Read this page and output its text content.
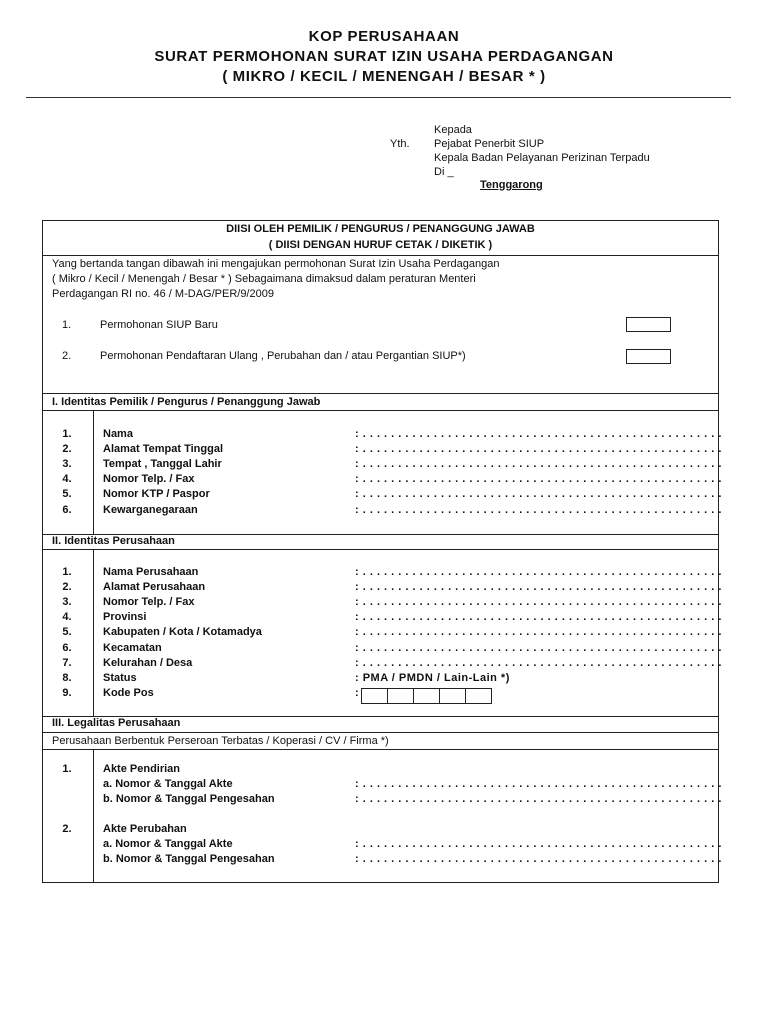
KOP PERUSAHAAN
SURAT PERMOHONAN SURAT IZIN USAHA PERDAGANGAN
( MIKRO / KECIL / MENENGAH / BESAR * )
Kepada
Yth. Pejabat Penerbit SIUP
Kepala Badan Pelayanan Perizinan Terpadu
Di _
Tenggarong
DIISI OLEH PEMILIK / PENGURUS / PENANGGUNG JAWAB
( DIISI DENGAN HURUF CETAK / DIKETIK )
Yang bertanda tangan dibawah ini mengajukan permohonan Surat Izin Usaha Perdagangan
( Mikro / Kecil / Menengah / Besar * ) Sebagaimana dimaksud dalam peraturan Menteri
Perdagangan RI no. 46 / M-DAG/PER/9/2009
1.	Permohonan SIUP Baru
2.	Permohonan Pendaftaran Ulang , Perubahan dan / atau Pergantian SIUP*)
I. Identitas Pemilik / Pengurus / Penanggung Jawab
1.	Nama	: . . . . . . . . . . . . . . . . . . . . . . . . . . . . . . . . . . . . . . . . . . . . . . . . . . .
2.	Alamat Tempat Tinggal	: . . . . . . . . . . . . . . . . . . . . . . . . . . . . . . . . . . . . . . . . . . . . . . . . . . .
3.	Tempat , Tanggal Lahir	: . . . . . . . . . . . . . . . . . . . . . . . . . . . . . . . . . . . . . . . . . . . . . . . . . . .
4.	Nomor Telp. / Fax	: . . . . . . . . . . . . . . . . . . . . . . . . . . . . . . . . . . . . . . . . . . . . . . . . . . .
5.	Nomor KTP / Paspor	: . . . . . . . . . . . . . . . . . . . . . . . . . . . . . . . . . . . . . . . . . . . . . . . . . . .
6.	Kewarganegaraan	: . . . . . . . . . . . . . . . . . . . . . . . . . . . . . . . . . . . . . . . . . . . . . . . . . . .
II. Identitas Perusahaan
1.	Nama Perusahaan	: . . . . . . . . . . . . . . . . . . . . . . . . . . . . . . . . . . . . . . . . . . . . . . . . . . .
2.	Alamat Perusahaan	: . . . . . . . . . . . . . . . . . . . . . . . . . . . . . . . . . . . . . . . . . . . . . . . . . . .
3.	Nomor Telp. / Fax	: . . . . . . . . . . . . . . . . . . . . . . . . . . . . . . . . . . . . . . . . . . . . . . . . . . .
4.	Provinsi	: . . . . . . . . . . . . . . . . . . . . . . . . . . . . . . . . . . . . . . . . . . . . . . . . . . .
5.	Kabupaten / Kota / Kotamadya	: . . . . . . . . . . . . . . . . . . . . . . . . . . . . . . . . . . . . . . . . . . . . . . . . . . .
6.	Kecamatan	: . . . . . . . . . . . . . . . . . . . . . . . . . . . . . . . . . . . . . . . . . . . . . . . . . . .
7.	Kelurahan / Desa	: . . . . . . . . . . . . . . . . . . . . . . . . . . . . . . . . . . . . . . . . . . . . . . . . . . .
8.	Status	: PMA / PMDN / Lain-Lain *)
9.	Kode Pos	:
III. Legalitas Perusahaan
Perusahaan Berbentuk Perseroan Terbatas / Koperasi / CV / Firma *)
1.	Akte Pendirian
a. Nomor & Tanggal Akte	: . . . . . . . . . . . . . . . . . . . . . . . . . . . . . . . . . . . . . . . . . . . . . . . . . . .
b. Nomor & Tanggal Pengesahan	: . . . . . . . . . . . . . . . . . . . . . . . . . . . . . . . . . . . . . . . . . . . . . . . . . . .
2.	Akte Perubahan
a. Nomor & Tanggal Akte	: . . . . . . . . . . . . . . . . . . . . . . . . . . . . . . . . . . . . . . . . . . . . . . . . . . .
b. Nomor & Tanggal Pengesahan	: . . . . . . . . . . . . . . . . . . . . . . . . . . . . . . . . . . . . . . . . . . . . . . . . . . .
